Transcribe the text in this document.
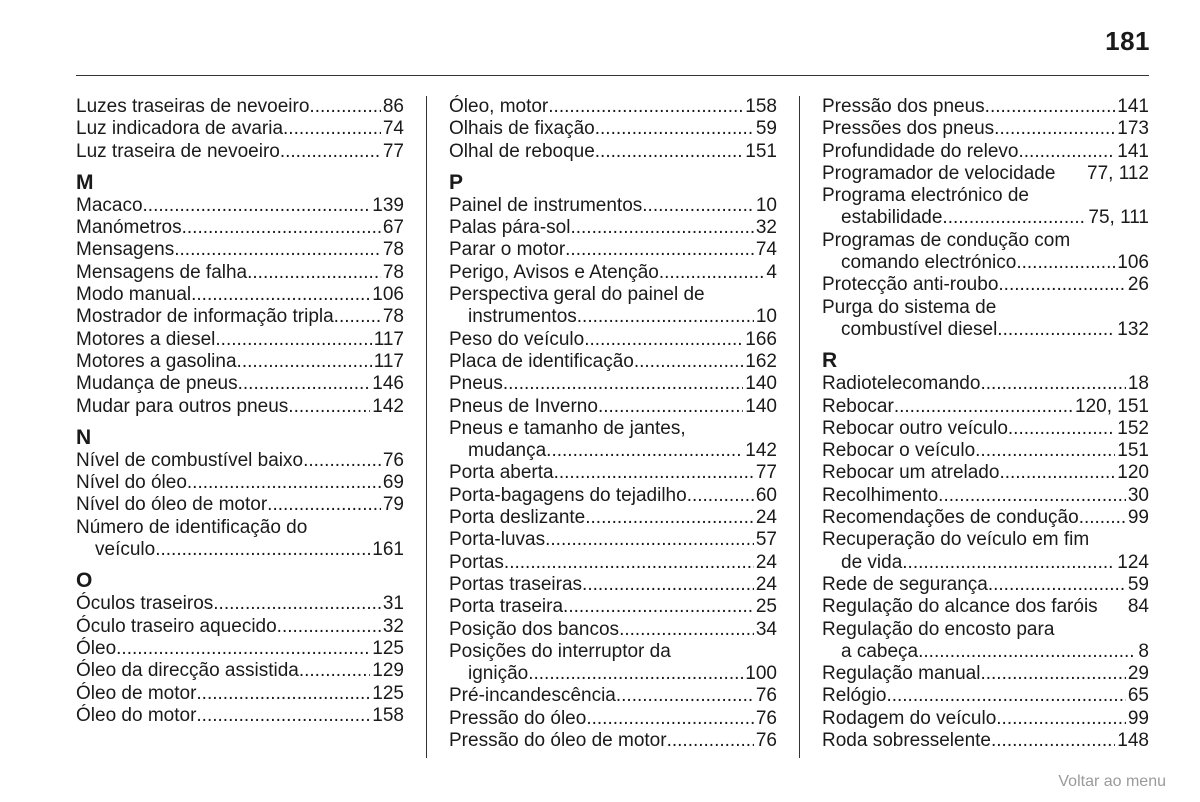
181
Luzes traseiras de nevoeiro .....	86
Luz indicadora de avaria .....	74
Luz traseira de nevoeiro .....	77
M
Macaco .....	139
Manómetros .....	67
Mensagens .....	78
Mensagens de falha .....	78
Modo manual .....	106
Mostrador de informação tripla .....	78
Motores a diesel .....	117
Motores a gasolina .....	117
Mudança de pneus .....	146
Mudar para outros pneus .....	142
N
Nível de combustível baixo .....	76
Nível do óleo .....	69
Nível do óleo de motor .....	79
Número de identificação do
veículo .....	161
O
Óculos traseiros .....	31
Óculo traseiro aquecido .....	32
Óleo .....	125
Óleo da direcção assistida .....	129
Óleo de motor .....	125
Óleo do motor .....	158
Óleo, motor .....	158
Olhais de fixação .....	59
Olhal de reboque .....	151
P
Painel de instrumentos .....	10
Palas pára-sol .....	32
Parar o motor .....	74
Perigo, Avisos e Atenção .....	4
Perspectiva geral do painel de
instrumentos .....	10
Peso do veículo .....	166
Placa de identificação .....	162
Pneus .....	140
Pneus de Inverno .....	140
Pneus e tamanho de jantes,
mudança .....	142
Porta aberta .....	77
Porta-bagagens do tejadilho .....	60
Porta deslizante .....	24
Porta-luvas .....	57
Portas .....	24
Portas traseiras .....	24
Porta traseira .....	25
Posição dos bancos .....	34
Posições do interruptor da
ignição .....	100
Pré-incandescência .....	76
Pressão do óleo .....	76
Pressão do óleo de motor .....	76
Pressão dos pneus .....	141
Pressões dos pneus .....	173
Profundidade do relevo .....	141
Programador de velocidade 77, 112
Programa electrónico de
estabilidade .....	75, 111
Programas de condução com
comando electrónico .....	106
Protecção anti-roubo .....	26
Purga do sistema de
combustível diesel .....	132
R
Radiotelecomando .....	18
Rebocar .....	120, 151
Rebocar outro veículo .....	152
Rebocar o veículo .....	151
Rebocar um atrelado .....	120
Recolhimento .....	30
Recomendações de condução .....	99
Recuperação do veículo em fim
de vida .....	124
Rede de segurança .....	59
Regulação do alcance dos faróis 84
Regulação do encosto para
a cabeça .....	8
Regulação manual .....	29
Relógio .....	65
Rodagem do veículo .....	99
Roda sobresselente .....	148
Voltar ao menu
